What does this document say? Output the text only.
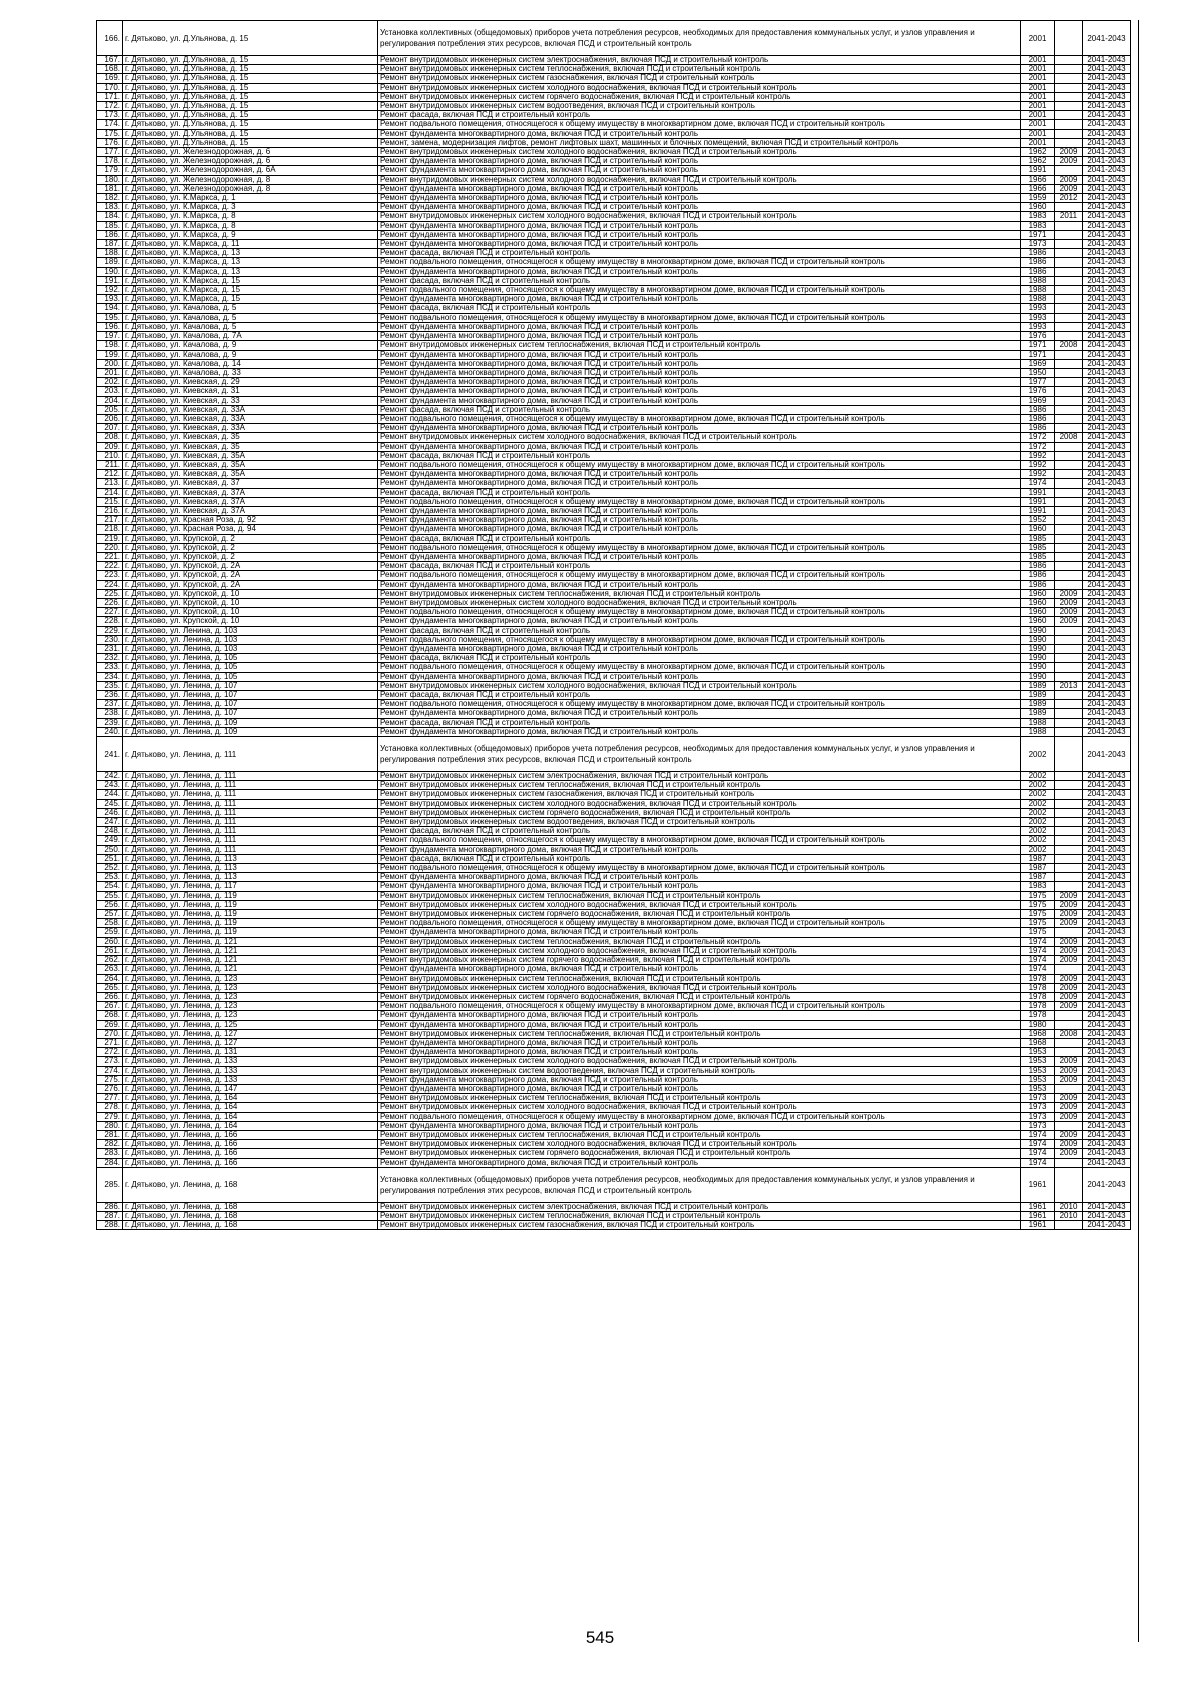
166.	г. Дятьково, ул. Д.Ульянова, д. 15	Установка коллективных (общедомовых) приборов учета потребления ресурсов, необходимых для предоставления коммунальных услуг, и узлов управления и регулирования потребления этих ресурсов, включая ПСД и строительный контроль	2001		2041-2043
167.	г. Дятьково, ул. Д.Ульянова, д. 15	Ремонт внутридомовых инженерных систем электроснабжения, включая ПСД и строительный контроль	2001		2041-2043
168.	г. Дятьково, ул. Д.Ульянова, д. 15	Ремонт внутридомовых инженерных систем теплоснабжения, включая ПСД и строительный контроль	2001		2041-2043
169.	г. Дятьково, ул. Д.Ульянова, д. 15	Ремонт внутридомовых инженерных систем газоснабжения, включая ПСД и строительный контроль	2001		2041-2043
170.	г. Дятьково, ул. Д.Ульянова, д. 15	Ремонт внутридомовых инженерных систем холодного водоснабжения, включая ПСД и строительный контроль	2001		2041-2043
171.	г. Дятьково, ул. Д.Ульянова, д. 15	Ремонт внутридомовых инженерных систем горячего водоснабжения, включая ПСД и строительный контроль	2001		2041-2043
172.	г. Дятьково, ул. Д.Ульянова, д. 15	Ремонт внутридомовых инженерных систем водоотведения, включая ПСД и строительный контроль	2001		2041-2043
173.	г. Дятьково, ул. Д.Ульянова, д. 15	Ремонт фасада, включая ПСД и строительный контроль	2001		2041-2043
174.	г. Дятьково, ул. Д.Ульянова, д. 15	Ремонт подвального помещения, относящегося к общему имуществу в многоквартирном доме, включая ПСД и строительный контроль	2001		2041-2043
175.	г. Дятьково, ул. Д.Ульянова, д. 15	Ремонт фундамента многоквартирного дома, включая ПСД и строительный контроль	2001		2041-2043
176.	г. Дятьково, ул. Д.Ульянова, д. 15	Ремонт, замена, модернизация лифтов, ремонт лифтовых шахт, машинных и блочных помещений, включая ПСД и строительный контроль	2001		2041-2043
177.	г. Дятьково, ул. Железнодорожная, д. 6	Ремонт внутридомовых инженерных систем холодного водоснабжения, включая ПСД и строительный контроль	1962	2009	2041-2043
178.	г. Дятьково, ул. Железнодорожная, д. 6	Ремонт фундамента многоквартирного дома, включая ПСД и строительный контроль	1962	2009	2041-2043
179.	г. Дятьково, ул. Железнодорожная, д. 6А	Ремонт фундамента многоквартирного дома, включая ПСД и строительный контроль	1991		2041-2043
180.	г. Дятьково, ул. Железнодорожная, д. 8	Ремонт внутридомовых инженерных систем холодного водоснабжения, включая ПСД и строительный контроль	1966	2009	2041-2043
181.	г. Дятьково, ул. Железнодорожная, д. 8	Ремонт фундамента многоквартирного дома, включая ПСД и строительный контроль	1966	2009	2041-2043
182.	г. Дятьково, ул. К.Маркса, д. 1	Ремонт фундамента многоквартирного дома, включая ПСД и строительный контроль	1959	2012	2041-2043
183.	г. Дятьково, ул. К.Маркса, д. 3	Ремонт фундамента многоквартирного дома, включая ПСД и строительный контроль	1960		2041-2043
184.	г. Дятьково, ул. К.Маркса, д. 8	Ремонт внутридомовых инженерных систем холодного водоснабжения, включая ПСД и строительный контроль	1983	2011	2041-2043
185.	г. Дятьково, ул. К.Маркса, д. 8	Ремонт фундамента многоквартирного дома, включая ПСД и строительный контроль	1983		2041-2043
186.	г. Дятьково, ул. К.Маркса, д. 9	Ремонт фундамента многоквартирного дома, включая ПСД и строительный контроль	1971		2041-2043
187.	г. Дятьково, ул. К.Маркса, д. 11	Ремонт фундамента многоквартирного дома, включая ПСД и строительный контроль	1973		2041-2043
188.	г. Дятьково, ул. К.Маркса, д. 13	Ремонт фасада, включая ПСД и строительный контроль	1986		2041-2043
189.	г. Дятьково, ул. К.Маркса, д. 13	Ремонт подвального помещения, относящегося к общему имуществу в многоквартирном доме, включая ПСД и строительный контроль	1986		2041-2043
190.	г. Дятьково, ул. К.Маркса, д. 13	Ремонт фундамента многоквартирного дома, включая ПСД и строительный контроль	1986		2041-2043
191.	г. Дятьково, ул. К.Маркса, д. 15	Ремонт фасада, включая ПСД и строительный контроль	1988		2041-2043
192.	г. Дятьково, ул. К.Маркса, д. 15	Ремонт подвального помещения, относящегося к общему имуществу в многоквартирном доме, включая ПСД и строительный контроль	1988		2041-2043
193.	г. Дятьково, ул. К.Маркса, д. 15	Ремонт фундамента многоквартирного дома, включая ПСД и строительный контроль	1988		2041-2043
194.	г. Дятьково, ул. Качалова, д. 5	Ремонт фасада, включая ПСД и строительный контроль	1993		2041-2043
195.	г. Дятьково, ул. Качалова, д. 5	Ремонт подвального помещения, относящегося к общему имуществу в многоквартирном доме, включая ПСД и строительный контроль	1993		2041-2043
196.	г. Дятьково, ул. Качалова, д. 5	Ремонт фундамента многоквартирного дома, включая ПСД и строительный контроль	1993		2041-2043
197.	г. Дятьково, ул. Качалова, д. 7А	Ремонт фундамента многоквартирного дома, включая ПСД и строительный контроль	1976		2041-2043
198.	г. Дятьково, ул. Качалова, д. 9	Ремонт внутридомовых инженерных систем теплоснабжения, включая ПСД и строительный контроль	1971	2008	2041-2043
199.	г. Дятьково, ул. Качалова, д. 9	Ремонт фундамента многоквартирного дома, включая ПСД и строительный контроль	1971		2041-2043
200.	г. Дятьково, ул. Качалова, д. 14	Ремонт фундамента многоквартирного дома, включая ПСД и строительный контроль	1969		2041-2043
201.	г. Дятьково, ул. Качалова, д. 33	Ремонт фундамента многоквартирного дома, включая ПСД и строительный контроль	1950		2041-2043
202.	г. Дятьково, ул. Киевская, д. 29	Ремонт фундамента многоквартирного дома, включая ПСД и строительный контроль	1977		2041-2043
203.	г. Дятьково, ул. Киевская, д. 31	Ремонт фундамента многоквартирного дома, включая ПСД и строительный контроль	1976		2041-2043
204.	г. Дятьково, ул. Киевская, д. 33	Ремонт фундамента многоквартирного дома, включая ПСД и строительный контроль	1969		2041-2043
205.	г. Дятьково, ул. Киевская, д. 33А	Ремонт фасада, включая ПСД и строительный контроль	1986		2041-2043
206.	г. Дятьково, ул. Киевская, д. 33А	Ремонт подвального помещения, относящегося к общему имуществу в многоквартирном доме, включая ПСД и строительный контроль	1986		2041-2043
207.	г. Дятьково, ул. Киевская, д. 33А	Ремонт фундамента многоквартирного дома, включая ПСД и строительный контроль	1986		2041-2043
208.	г. Дятьково, ул. Киевская, д. 35	Ремонт внутридомовых инженерных систем холодного водоснабжения, включая ПСД и строительный контроль	1972	2008	2041-2043
209.	г. Дятьково, ул. Киевская, д. 35	Ремонт фундамента многоквартирного дома, включая ПСД и строительный контроль	1972		2041-2043
210.	г. Дятьково, ул. Киевская, д. 35А	Ремонт фасада, включая ПСД и строительный контроль	1992		2041-2043
211.	г. Дятьково, ул. Киевская, д. 35А	Ремонт подвального помещения, относящегося к общему имуществу в многоквартирном доме, включая ПСД и строительный контроль	1992		2041-2043
212.	г. Дятьково, ул. Киевская, д. 35А	Ремонт фундамента многоквартирного дома, включая ПСД и строительный контроль	1992		2041-2043
213.	г. Дятьково, ул. Киевская, д. 37	Ремонт фундамента многоквартирного дома, включая ПСД и строительный контроль	1974		2041-2043
214.	г. Дятьково, ул. Киевская, д. 37А	Ремонт фасада, включая ПСД и строительный контроль	1991		2041-2043
215.	г. Дятьково, ул. Киевская, д. 37А	Ремонт подвального помещения, относящегося к общему имуществу в многоквартирном доме, включая ПСД и строительный контроль	1991		2041-2043
216.	г. Дятьково, ул. Киевская, д. 37А	Ремонт фундамента многоквартирного дома, включая ПСД и строительный контроль	1991		2041-2043
217.	г. Дятьково, ул. Красная Роза, д. 92	Ремонт фундамента многоквартирного дома, включая ПСД и строительный контроль	1952		2041-2043
218.	г. Дятьково, ул. Красная Роза, д. 94	Ремонт фундамента многоквартирного дома, включая ПСД и строительный контроль	1960		2041-2043
219.	г. Дятьково, ул. Крупской, д. 2	Ремонт фасада, включая ПСД и строительный контроль	1985		2041-2043
220.	г. Дятьково, ул. Крупской, д. 2	Ремонт подвального помещения, относящегося к общему имуществу в многоквартирном доме, включая ПСД и строительный контроль	1985		2041-2043
221.	г. Дятьково, ул. Крупской, д. 2	Ремонт фундамента многоквартирного дома, включая ПСД и строительный контроль	1985		2041-2043
222.	г. Дятьково, ул. Крупской, д. 2А	Ремонт фасада, включая ПСД и строительный контроль	1986		2041-2043
223.	г. Дятьково, ул. Крупской, д. 2А	Ремонт подвального помещения, относящегося к общему имуществу в многоквартирном доме, включая ПСД и строительный контроль	1986		2041-2043
224.	г. Дятьково, ул. Крупской, д. 2А	Ремонт фундамента многоквартирного дома, включая ПСД и строительный контроль	1986		2041-2043
225.	г. Дятьково, ул. Крупской, д. 10	Ремонт внутридомовых инженерных систем теплоснабжения, включая ПСД и строительный контроль	1960	2009	2041-2043
226.	г. Дятьково, ул. Крупской, д. 10	Ремонт внутридомовых инженерных систем холодного водоснабжения, включая ПСД и строительный контроль	1960	2009	2041-2043
227.	г. Дятьково, ул. Крупской, д. 10	Ремонт подвального помещения, относящегося к общему имуществу в многоквартирном доме, включая ПСД и строительный контроль	1960	2009	2041-2043
228.	г. Дятьково, ул. Крупской, д. 10	Ремонт фундамента многоквартирного дома, включая ПСД и строительный контроль	1960	2009	2041-2043
229.	г. Дятьково, ул. Ленина, д. 103	Ремонт фасада, включая ПСД и строительный контроль	1990		2041-2043
230.	г. Дятьково, ул. Ленина, д. 103	Ремонт подвального помещения, относящегося к общему имуществу в многоквартирном доме, включая ПСД и строительный контроль	1990		2041-2043
231.	г. Дятьково, ул. Ленина, д. 103	Ремонт фундамента многоквартирного дома, включая ПСД и строительный контроль	1990		2041-2043
232.	г. Дятьково, ул. Ленина, д. 105	Ремонт фасада, включая ПСД и строительный контроль	1990		2041-2043
233.	г. Дятьково, ул. Ленина, д. 105	Ремонт подвального помещения, относящегося к общему имуществу в многоквартирном доме, включая ПСД и строительный контроль	1990		2041-2043
234.	г. Дятьково, ул. Ленина, д. 105	Ремонт фундамента многоквартирного дома, включая ПСД и строительный контроль	1990		2041-2043
235.	г. Дятьково, ул. Ленина, д. 107	Ремонт внутридомовых инженерных систем холодного водоснабжения, включая ПСД и строительный контроль	1989	2013	2041-2043
236.	г. Дятьково, ул. Ленина, д. 107	Ремонт фасада, включая ПСД и строительный контроль	1989		2041-2043
237.	г. Дятьково, ул. Ленина, д. 107	Ремонт подвального помещения, относящегося к общему имуществу в многоквартирном доме, включая ПСД и строительный контроль	1989		2041-2043
238.	г. Дятьково, ул. Ленина, д. 107	Ремонт фундамента многоквартирного дома, включая ПСД и строительный контроль	1989		2041-2043
239.	г. Дятьково, ул. Ленина, д. 109	Ремонт фасада, включая ПСД и строительный контроль	1988		2041-2043
240.	г. Дятьково, ул. Ленина, д. 109	Ремонт фундамента многоквартирного дома, включая ПСД и строительный контроль	1988		2041-2043
241.	г. Дятьково, ул. Ленина, д. 111	Установка коллективных (общедомовых) приборов учета потребления ресурсов, необходимых для предоставления коммунальных услуг, и узлов управления и регулирования потребления этих ресурсов, включая ПСД и строительный контроль	2002		2041-2043
242.	г. Дятьково, ул. Ленина, д. 111	Ремонт внутридомовых инженерных систем электроснабжения, включая ПСД и строительный контроль	2002		2041-2043
243.	г. Дятьково, ул. Ленина, д. 111	Ремонт внутридомовых инженерных систем теплоснабжения, включая ПСД и строительный контроль	2002		2041-2043
244.	г. Дятьково, ул. Ленина, д. 111	Ремонт внутридомовых инженерных систем газоснабжения, включая ПСД и строительный контроль	2002		2041-2043
245.	г. Дятьково, ул. Ленина, д. 111	Ремонт внутридомовых инженерных систем холодного водоснабжения, включая ПСД и строительный контроль	2002		2041-2043
246.	г. Дятьково, ул. Ленина, д. 111	Ремонт внутридомовых инженерных систем горячего водоснабжения, включая ПСД и строительный контроль	2002		2041-2043
247.	г. Дятьково, ул. Ленина, д. 111	Ремонт внутридомовых инженерных систем водоотведения, включая ПСД и строительный контроль	2002		2041-2043
248.	г. Дятьково, ул. Ленина, д. 111	Ремонт фасада, включая ПСД и строительный контроль	2002		2041-2043
249.	г. Дятьково, ул. Ленина, д. 111	Ремонт подвального помещения, относящегося к общему имуществу в многоквартирном доме, включая ПСД и строительный контроль	2002		2041-2043
250.	г. Дятьково, ул. Ленина, д. 111	Ремонт фундамента многоквартирного дома, включая ПСД и строительный контроль	2002		2041-2043
251.	г. Дятьково, ул. Ленина, д. 113	Ремонт фасада, включая ПСД и строительный контроль	1987		2041-2043
252.	г. Дятьково, ул. Ленина, д. 113	Ремонт подвального помещения, относящегося к общему имуществу в многоквартирном доме, включая ПСД и строительный контроль	1987		2041-2043
253.	г. Дятьково, ул. Ленина, д. 113	Ремонт фундамента многоквартирного дома, включая ПСД и строительный контроль	1987		2041-2043
254.	г. Дятьково, ул. Ленина, д. 117	Ремонт фундамента многоквартирного дома, включая ПСД и строительный контроль	1983		2041-2043
255.	г. Дятьково, ул. Ленина, д. 119	Ремонт внутридомовых инженерных систем теплоснабжения, включая ПСД и строительный контроль	1975	2009	2041-2043
256.	г. Дятьково, ул. Ленина, д. 119	Ремонт внутридомовых инженерных систем холодного водоснабжения, включая ПСД и строительный контроль	1975	2009	2041-2043
257.	г. Дятьково, ул. Ленина, д. 119	Ремонт внутридомовых инженерных систем горячего водоснабжения, включая ПСД и строительный контроль	1975	2009	2041-2043
258.	г. Дятьково, ул. Ленина, д. 119	Ремонт подвального помещения, относящегося к общему имуществу в многоквартирном доме, включая ПСД и строительный контроль	1975	2009	2041-2043
259.	г. Дятьково, ул. Ленина, д. 119	Ремонт фундамента многоквартирного дома, включая ПСД и строительный контроль	1975		2041-2043
260.	г. Дятьково, ул. Ленина, д. 121	Ремонт внутридомовых инженерных систем теплоснабжения, включая ПСД и строительный контроль	1974	2009	2041-2043
261.	г. Дятьково, ул. Ленина, д. 121	Ремонт внутридомовых инженерных систем холодного водоснабжения, включая ПСД и строительный контроль	1974	2009	2041-2043
262.	г. Дятьково, ул. Ленина, д. 121	Ремонт внутридомовых инженерных систем горячего водоснабжения, включая ПСД и строительный контроль	1974	2009	2041-2043
263.	г. Дятьково, ул. Ленина, д. 121	Ремонт фундамента многоквартирного дома, включая ПСД и строительный контроль	1974		2041-2043
264.	г. Дятьково, ул. Ленина, д. 123	Ремонт внутридомовых инженерных систем теплоснабжения, включая ПСД и строительный контроль	1978	2009	2041-2043
265.	г. Дятьково, ул. Ленина, д. 123	Ремонт внутридомовых инженерных систем холодного водоснабжения, включая ПСД и строительный контроль	1978	2009	2041-2043
266.	г. Дятьково, ул. Ленина, д. 123	Ремонт внутридомовых инженерных систем горячего водоснабжения, включая ПСД и строительный контроль	1978	2009	2041-2043
267.	г. Дятьково, ул. Ленина, д. 123	Ремонт подвального помещения, относящегося к общему имуществу в многоквартирном доме, включая ПСД и строительный контроль	1978	2009	2041-2043
268.	г. Дятьково, ул. Ленина, д. 123	Ремонт фундамента многоквартирного дома, включая ПСД и строительный контроль	1978		2041-2043
269.	г. Дятьково, ул. Ленина, д. 125	Ремонт фундамента многоквартирного дома, включая ПСД и строительный контроль	1980		2041-2043
270.	г. Дятьково, ул. Ленина, д. 127	Ремонт внутридомовых инженерных систем теплоснабжения, включая ПСД и строительный контроль	1968	2008	2041-2043
271.	г. Дятьково, ул. Ленина, д. 127	Ремонт фундамента многоквартирного дома, включая ПСД и строительный контроль	1968		2041-2043
272.	г. Дятьково, ул. Ленина, д. 131	Ремонт фундамента многоквартирного дома, включая ПСД и строительный контроль	1953		2041-2043
273.	г. Дятьково, ул. Ленина, д. 133	Ремонт внутридомовых инженерных систем холодного водоснабжения, включая ПСД и строительный контроль	1953	2009	2041-2043
274.	г. Дятьково, ул. Ленина, д. 133	Ремонт внутридомовых инженерных систем водоотведения, включая ПСД и строительный контроль	1953	2009	2041-2043
275.	г. Дятьково, ул. Ленина, д. 133	Ремонт фундамента многоквартирного дома, включая ПСД и строительный контроль	1953	2009	2041-2043
276.	г. Дятьково, ул. Ленина, д. 147	Ремонт фундамента многоквартирного дома, включая ПСД и строительный контроль	1953		2041-2043
277.	г. Дятьково, ул. Ленина, д. 164	Ремонт внутридомовых инженерных систем теплоснабжения, включая ПСД и строительный контроль	1973	2009	2041-2043
278.	г. Дятьково, ул. Ленина, д. 164	Ремонт внутридомовых инженерных систем холодного водоснабжения, включая ПСД и строительный контроль	1973	2009	2041-2043
279.	г. Дятьково, ул. Ленина, д. 164	Ремонт подвального помещения, относящегося к общему имуществу в многоквартирном доме, включая ПСД и строительный контроль	1973	2009	2041-2043
280.	г. Дятьково, ул. Ленина, д. 164	Ремонт фундамента многоквартирного дома, включая ПСД и строительный контроль	1973		2041-2043
281.	г. Дятьково, ул. Ленина, д. 166	Ремонт внутридомовых инженерных систем теплоснабжения, включая ПСД и строительный контроль	1974	2009	2041-2043
282.	г. Дятьково, ул. Ленина, д. 166	Ремонт внутридомовых инженерных систем холодного водоснабжения, включая ПСД и строительный контроль	1974	2009	2041-2043
283.	г. Дятьково, ул. Ленина, д. 166	Ремонт внутридомовых инженерных систем горячего водоснабжения, включая ПСД и строительный контроль	1974	2009	2041-2043
284.	г. Дятьково, ул. Ленина, д. 166	Ремонт фундамента многоквартирного дома, включая ПСД и строительный контроль	1974		2041-2043
285.	г. Дятьково, ул. Ленина, д. 168	Установка коллективных (общедомовых) приборов учета потребления ресурсов, необходимых для предоставления коммунальных услуг, и узлов управления и регулирования потребления этих ресурсов, включая ПСД и строительный контроль	1961		2041-2043
286.	г. Дятьково, ул. Ленина, д. 168	Ремонт внутридомовых инженерных систем электроснабжения, включая ПСД и строительный контроль	1961	2010	2041-2043
287.	г. Дятьково, ул. Ленина, д. 168	Ремонт внутридомовых инженерных систем теплоснабжения, включая ПСД и строительный контроль	1961	2010	2041-2043
288.	г. Дятьково, ул. Ленина, д. 168	Ремонт внутридомовых инженерных систем газоснабжения, включая ПСД и строительный контроль	1961		2041-2043
545
